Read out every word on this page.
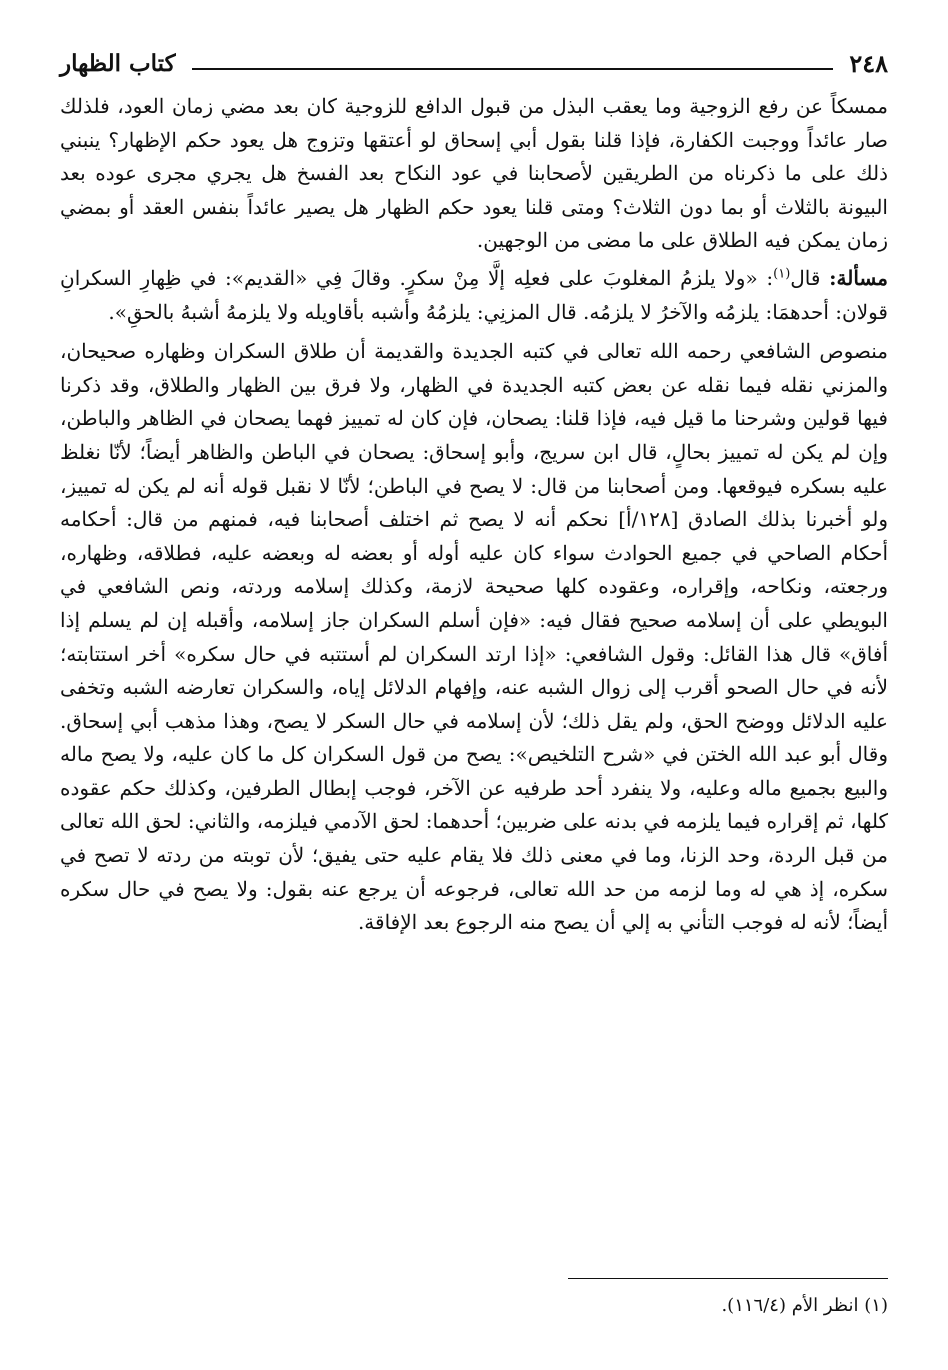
٢٤٨
كتاب الظهار

ممسكاً عن رفع الزوجية وما يعقب البذل من قبول الدافع للزوجية كان بعد مضي زمان العود، فلذلك صار عائداً ووجبت الكفارة، فإذا قلنا بقول أبي إسحاق لو أعتقها وتزوج هل يعود حكم الإظهار؟ ينبني ذلك على ما ذكرناه من الطريقين لأصحابنا في عود النكاح بعد الفسخ هل يجري مجرى عوده بعد البيونة بالثلاث أو بما دون الثلاث؟ ومتى قلنا يعود حكم الظهار هل يصير عائداً بنفس العقد أو بمضي زمان يمكن فيه الطلاق على ما مضى من الوجهين.

مسألة: قال$^{(١)}$: «ولا يلزمُ المغلوبَ على فعلِه إلَّا مِنْ سكرٍ. وقالَ فِي «القديم»: في ظِهارِ السكرانِ قولان: أحدهمَا: يلزمُه والآخرُ لا يلزمُه. قال المزنِي: يلزمُهُ وأشبه بأقاويله ولا يلزمهُ أشبهُ بالحقِ».

منصوص الشافعي رحمه الله تعالى في كتبه الجديدة والقديمة أن طلاق السكران وظهاره صحيحان، والمزني نقله فيما نقله عن بعض كتبه الجديدة في الظهار، ولا فرق بين الظهار والطلاق، وقد ذكرنا فيها قولين وشرحنا ما قيل فيه، فإذا قلنا: يصحان، فإن كان له تمييز فهما يصحان في الظاهر والباطن، وإن لم يكن له تمييز بحالٍ، قال ابن سريج، وأبو إسحاق: يصحان في الباطن والظاهر أيضاً؛ لأنّا نغلظ عليه بسكره فيوقعها. ومن أصحابنا من قال: لا يصح في الباطن؛ لأنّا لا نقبل قوله أنه لم يكن له تمييز، ولو أخبرنا بذلك الصادق [١٢٨/أ] نحكم أنه لا يصح ثم اختلف أصحابنا فيه، فمنهم من قال: أحكامه أحكام الصاحي في جميع الحوادث سواء كان عليه أوله أو بعضه له وبعضه عليه، فطلاقه، وظهاره، ورجعته، ونكاحه، وإقراره، وعقوده كلها صحيحة لازمة، وكذلك إسلامه وردته، ونص الشافعي في البويطي على أن إسلامه صحيح فقال فيه: «فإن أسلم السكران جاز إسلامه، وأقبله إن لم يسلم إذا أفاق» قال هذا القائل: وقول الشافعي: «إذا ارتد السكران لم أستتبه في حال سكره» أخر استتابته؛ لأنه في حال الصحو أقرب إلى زوال الشبه عنه، وإفهام الدلائل إياه، والسكران تعارضه الشبه وتخفى عليه الدلائل ووضح الحق، ولم يقل ذلك؛ لأن إسلامه في حال السكر لا يصح، وهذا مذهب أبي إسحاق. وقال أبو عبد الله الختن في «شرح التلخيص»: يصح من قول السكران كل ما كان عليه، ولا يصح ماله والبيع بجميع ماله وعليه، ولا ينفرد أحد طرفيه عن الآخر، فوجب إبطال الطرفين، وكذلك حكم عقوده كلها، ثم إقراره فيما يلزمه في بدنه على ضربين؛ أحدهما: لحق الآدمي فيلزمه، والثاني: لحق الله تعالى من قبل الردة، وحد الزنا، وما في معنى ذلك فلا يقام عليه حتى يفيق؛ لأن توبته من ردته لا تصح في سكره، إذ هي له وما لزمه من حد الله تعالى، فرجوعه أن يرجع عنه بقول: ولا يصح في حال سكره أيضاً؛ لأنه له فوجب التأني به إلي أن يصح منه الرجوع بعد الإفاقة.

(١) انظر الأم (١١٦/٤).
